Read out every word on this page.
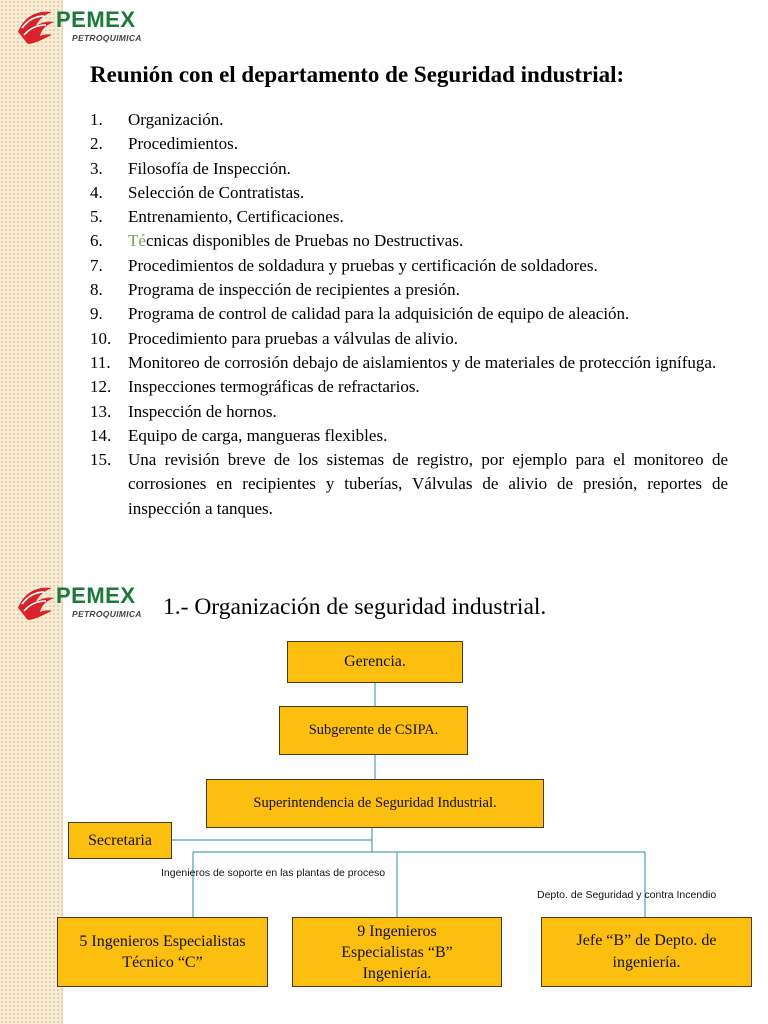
PEMEX
PETROQUIMICA
Reunión con el departamento de Seguridad industrial:
1. Organización.
2. Procedimientos.
3. Filosofía de Inspección.
4. Selección de Contratistas.
5. Entrenamiento, Certificaciones.
6. Técnicas disponibles de Pruebas no Destructivas.
7. Procedimientos de soldadura y pruebas y certificación de soldadores.
8. Programa de inspección de recipientes a presión.
9. Programa de control de calidad para la adquisición de equipo de aleación.
10. Procedimiento para pruebas a válvulas de alivio.
11. Monitoreo de corrosión debajo de aislamientos y de materiales de protección ignífuga.
12. Inspecciones termográficas de refractarios.
13. Inspección de hornos.
14. Equipo de carga, mangueras flexibles.
15. Una revisión breve de los sistemas de registro, por ejemplo para el monitoreo de corrosiones en recipientes y tuberías, Válvulas de alivio de presión, reportes de inspección a tanques.
PEMEX
PETROQUIMICA 1.- Organización de seguridad industrial.
Gerencia.
Subgerente de CSIPA.
Superintendencia de Seguridad Industrial.
Secretaria
Ingenieros de soporte en las plantas de proceso
Depto. de Seguridad y contra Incendio
5 Ingenieros Especialistas Técnico “C”
9 Ingenieros Especialistas “B” Ingeniería.
Jefe “B” de Depto. de ingeniería.
